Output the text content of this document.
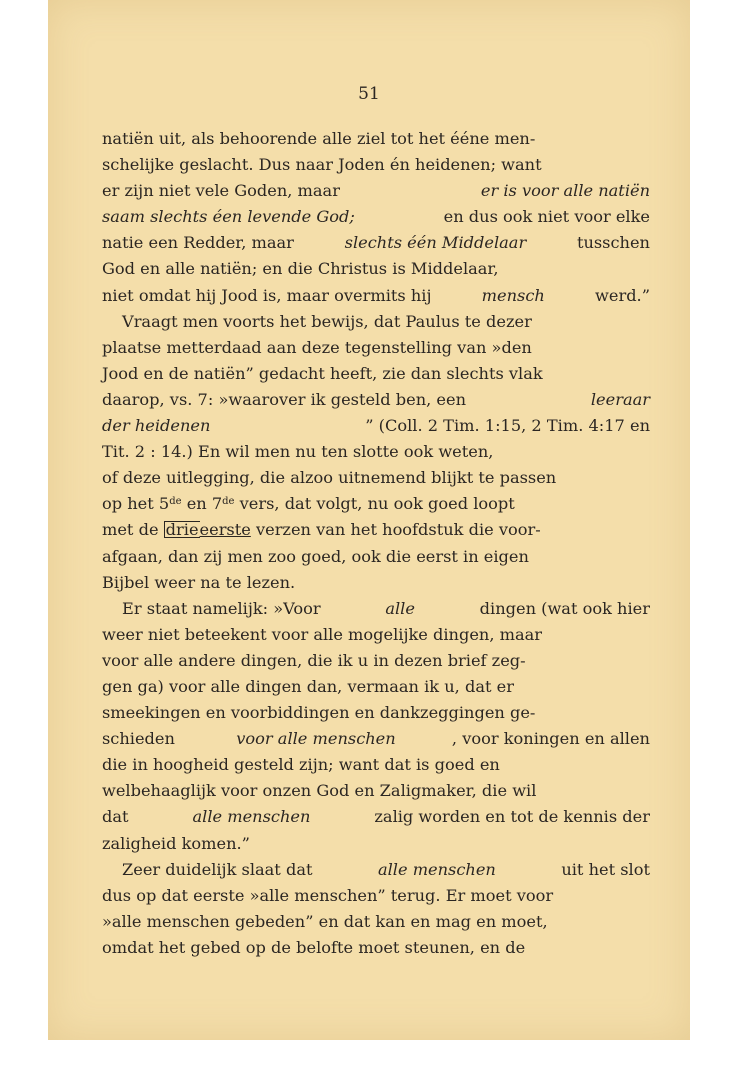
51
natiën uit, als behoorende alle ziel tot het ééne men-
schelijke geslacht. Dus naar Joden én heidenen; want
er zijn niet vele Goden, maar	er is voor alle natiën
saam slechts éen levende God;	en dus ook niet voor elke
natie een Redder, maar	slechts één Middelaar	tusschen
God en alle natiën; en die Christus is Middelaar,
niet omdat hij Jood is, maar overmits hij	mensch	werd.”
Vraagt men voorts het bewijs, dat Paulus te dezer
plaatse metterdaad aan deze tegenstelling van »den
Jood en de natiën” gedacht heeft, zie dan slechts vlak
daarop, vs. 7: »waarover ik gesteld ben, een	leeraar
der heidenen	” (Coll. 2 Tim. 1:15, 2 Tim. 4:17 en
Tit. 2 : 14.) En wil men nu ten slotte ook weten,
of deze uitlegging, die alzoo uitnemend blijkt te passen
op het 5de en 7de vers, dat volgt, nu ook goed loopt
met de drieeerste verzen van het hoofdstuk die voor-
afgaan, dan zij men zoo goed, ook die eerst in eigen
Bijbel weer na te lezen.
Er staat namelijk: »Voor	alle	dingen (wat ook hier
weer niet beteekent voor alle mogelijke dingen, maar
voor alle andere dingen, die ik u in dezen brief zeg-
gen ga) voor alle dingen dan, vermaan ik u, dat er
smeekingen en voorbiddingen en dankzeggingen ge-
schieden	voor alle menschen	, voor koningen en allen
die in hoogheid gesteld zijn; want dat is goed en
welbehaaglijk voor onzen God en Zaligmaker, die wil
dat	alle menschen	zalig worden en tot de kennis der
zaligheid komen.”
Zeer duidelijk slaat dat	alle menschen	uit het slot
dus op dat eerste »alle menschen” terug. Er moet voor
»alle menschen gebeden” en dat kan en mag en moet,
omdat het gebed op de belofte moet steunen, en de
